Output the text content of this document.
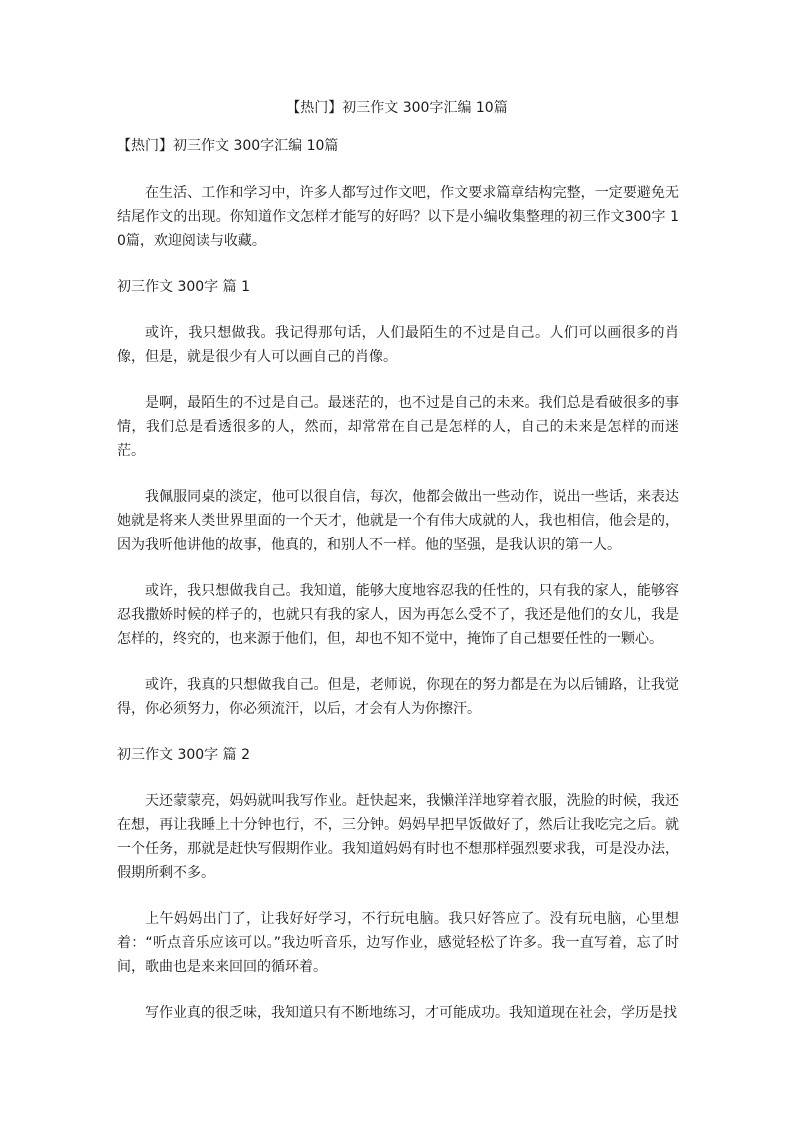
【热门】初三作文 300字汇编 10篇
【热门】初三作文 300字汇编 10篇

在生活、工作和学习中，许多人都写过作文吧，作文要求篇章结构完整，一定要避免无结尾作文的出现。你知道作文怎样才能写的好吗？以下是小编收集整理的初三作文300字 10篇，欢迎阅读与收藏。

初三作文 300字 篇 1

或许，我只想做我。我记得那句话，人们最陌生的不过是自己。人们可以画很多的肖像，但是，就是很少有人可以画自己的肖像。

是啊，最陌生的不过是自己。最迷茫的，也不过是自己的未来。我们总是看破很多的事情，我们总是看透很多的人，然而，却常常在自己是怎样的人，自己的未来是怎样的而迷茫。

我佩服同桌的淡定，他可以很自信，每次，他都会做出一些动作，说出一些话，来表达她就是将来人类世界里面的一个天才，他就是一个有伟大成就的人，我也相信，他会是的，因为我听他讲他的故事，他真的，和别人不一样。他的坚强，是我认识的第一人。

或许，我只想做我自己。我知道，能够大度地容忍我的任性的，只有我的家人，能够容忍我撒娇时候的样子的，也就只有我的家人，因为再怎么受不了，我还是他们的女儿，我是怎样的，终究的，也来源于他们，但，却也不知不觉中，掩饰了自己想要任性的一颗心。

或许，我真的只想做我自己。但是，老师说，你现在的努力都是在为以后铺路，让我觉得，你必须努力，你必须流汗，以后，才会有人为你擦汗。

初三作文 300字 篇 2

天还蒙蒙亮，妈妈就叫我写作业。赶快起来，我懒洋洋地穿着衣服，洗脸的时候，我还在想，再让我睡上十分钟也行，不，三分钟。妈妈早把早饭做好了，然后让我吃完之后。就一个任务，那就是赶快写假期作业。我知道妈妈有时也不想那样强烈要求我，可是没办法，假期所剩不多。

上午妈妈出门了，让我好好学习，不行玩电脑。我只好答应了。没有玩电脑，心里想着：“听点音乐应该可以。”我边听音乐，边写作业，感觉轻松了许多。我一直写着，忘了时间，歌曲也是来来回回的循环着。

写作业真的很乏味，我知道只有不断地练习，才可能成功。我知道现在社会，学历是找
